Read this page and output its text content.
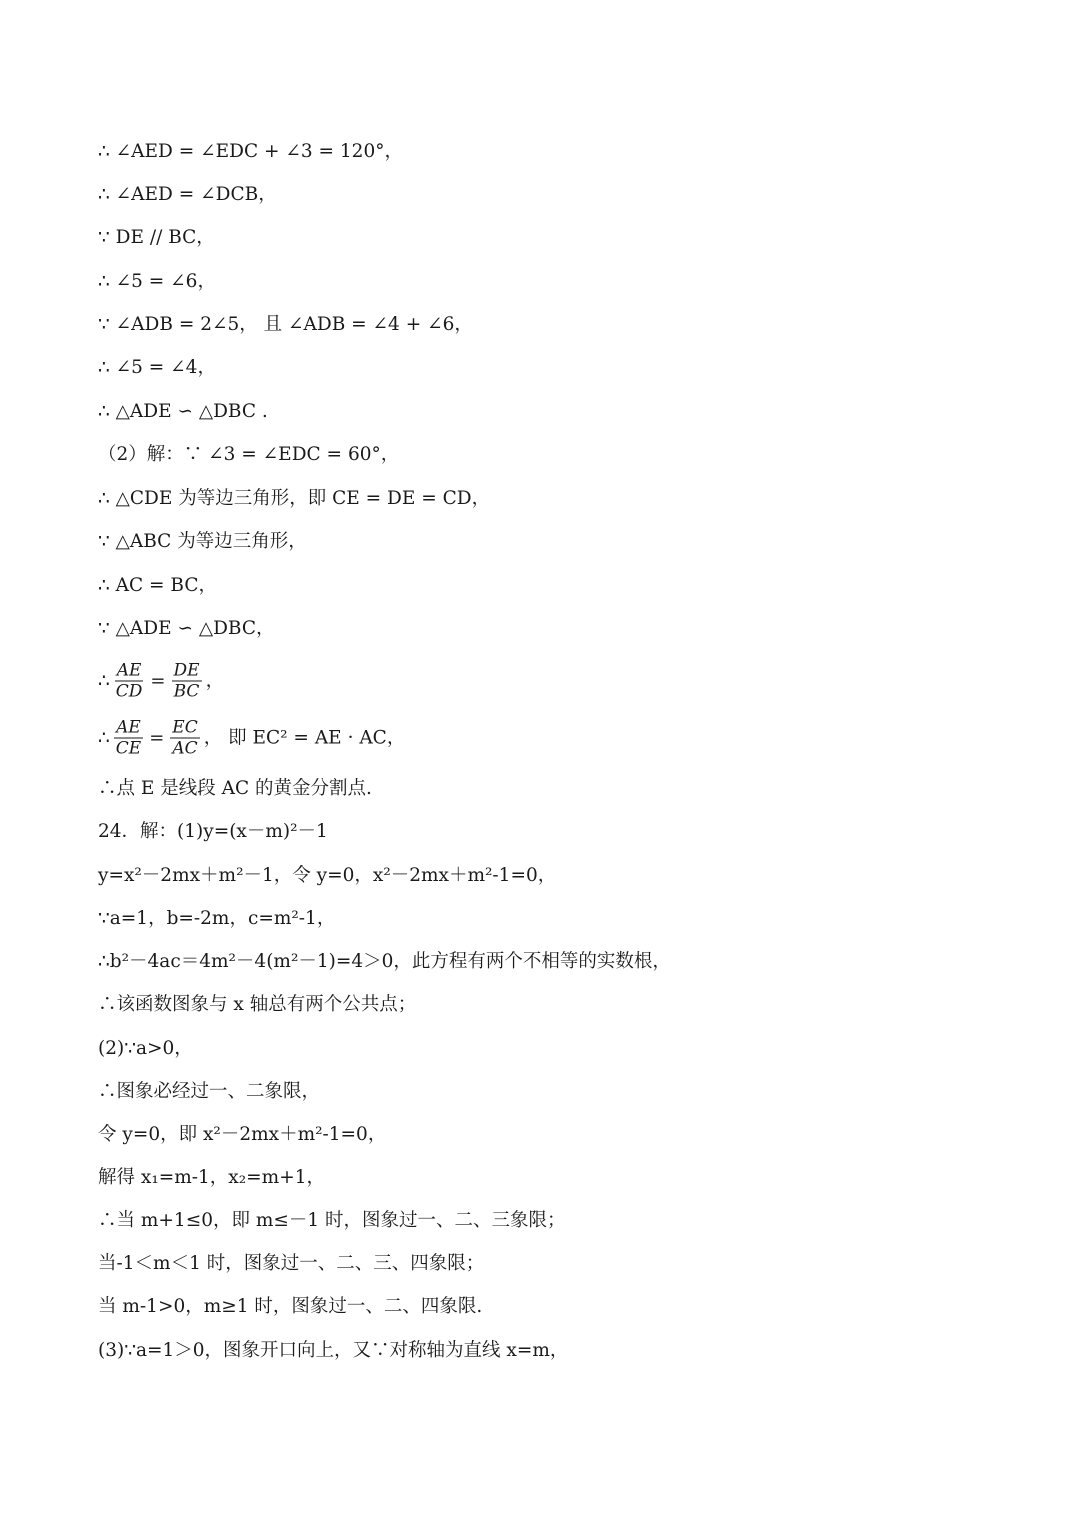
∴ ∠AED = ∠EDC + ∠3 = 120°，
∴ ∠AED = ∠DCB，
∵ DE // BC，
∴ ∠5 = ∠6，
∵ ∠ADB = 2∠5， 且 ∠ADB = ∠4 + ∠6，
∴ ∠5 = ∠4，
∴ △ADE ∽ △DBC .
（2）解：∵ ∠3 = ∠EDC = 60°，
∴ △CDE 为等边三角形，即 CE = DE = CD，
∵ △ABC 为等边三角形，
∴ AC = BC，
∵ △ADE ∽ △DBC，
∴ $\frac{AE}{CD} = \frac{DE}{BC}$ ，
∴ $\frac{AE}{CE} = \frac{EC}{AC}$ ， 即 EC² = AE · AC，
∴点 E 是线段 AC 的黄金分割点.
24．解：(1)y=(x－m)²－1
y=x²－2mx＋m²－1，令 y=0，x²－2mx＋m²-1=0，
∵a=1，b=-2m，c=m²-1，
∴b²－4ac＝4m²－4(m²－1)=4＞0，此方程有两个不相等的实数根，
∴该函数图象与 x 轴总有两个公共点；
(2)∵a>0，
∴图象必经过一、二象限，
令 y=0，即 x²－2mx＋m²-1=0，
解得 x₁=m-1，x₂=m+1，
∴当 m+1≤0，即 m≤－1 时，图象过一、二、三象限；
当-1＜m＜1 时，图象过一、二、三、四象限；
当 m-1>0，m≥1 时，图象过一、二、四象限.
(3)∵a=1＞0，图象开口向上，又∵对称轴为直线 x=m，
